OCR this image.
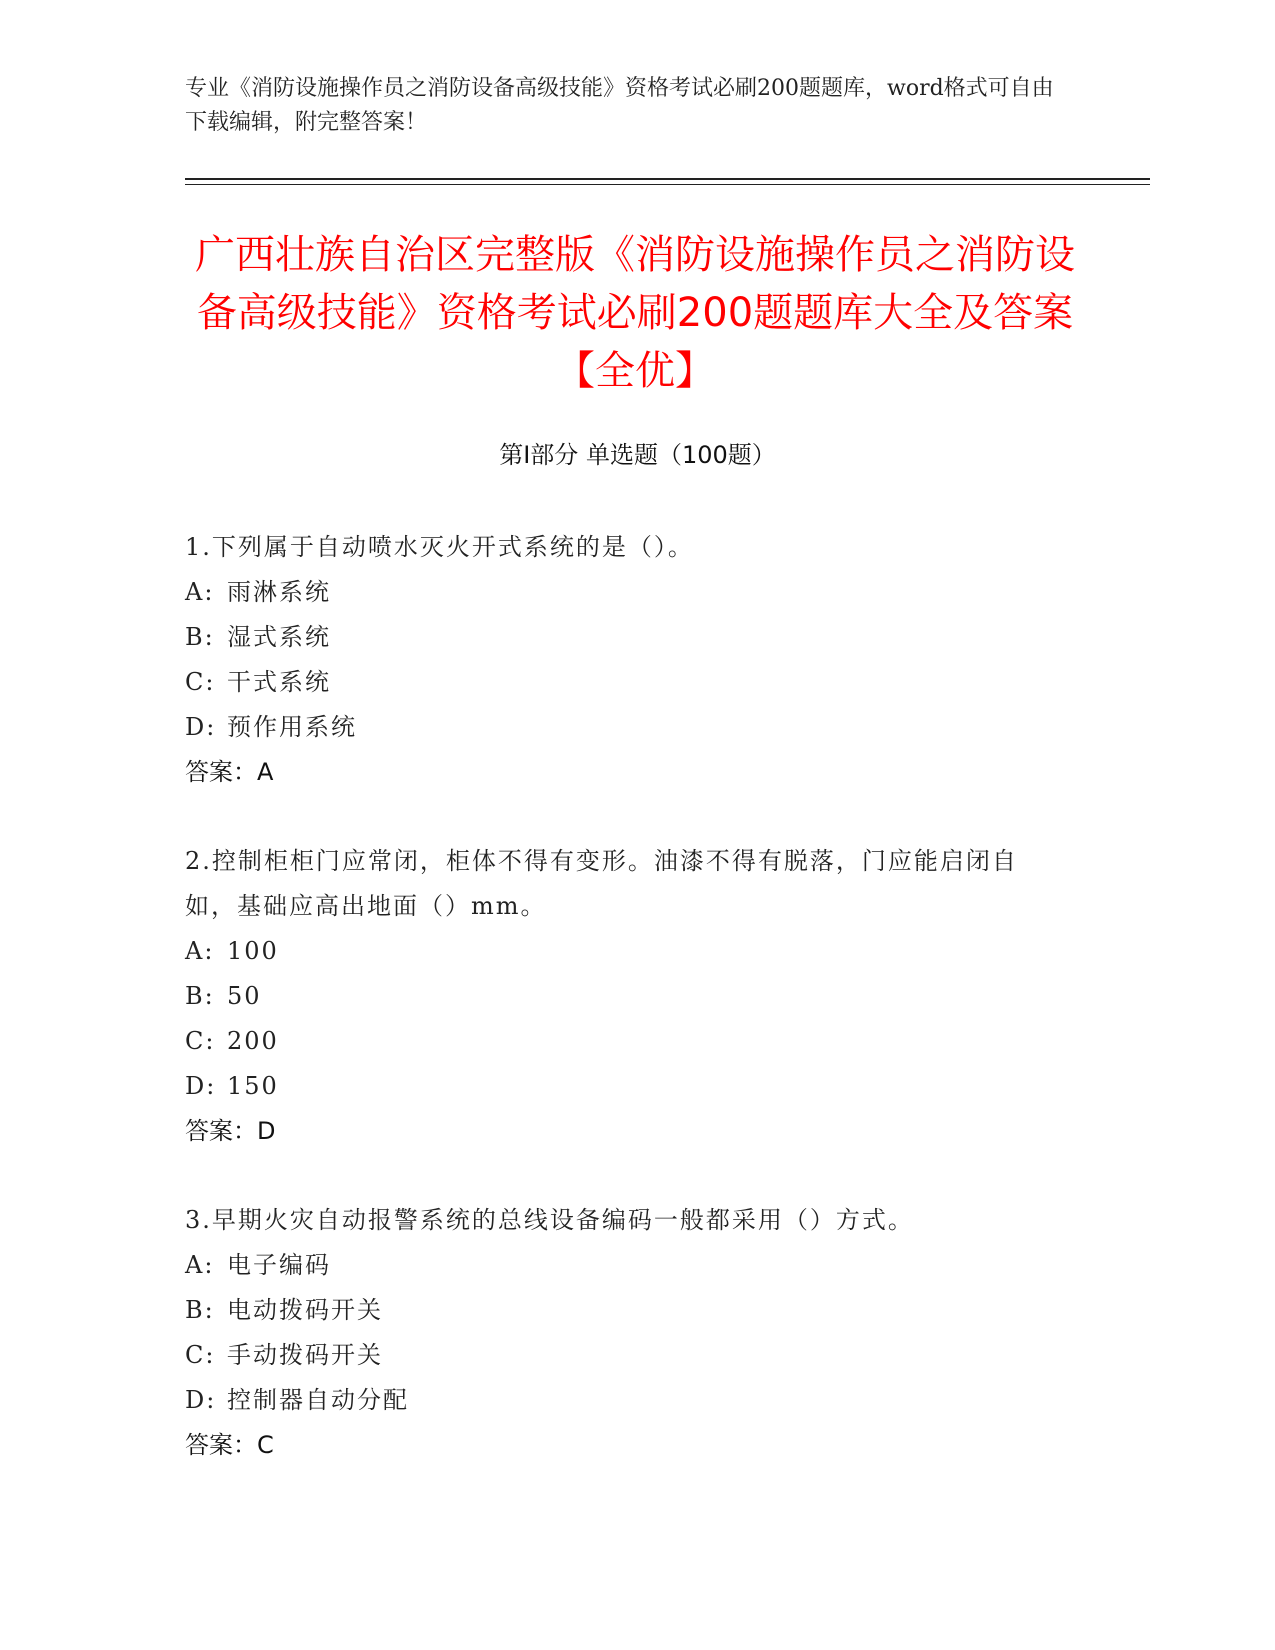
专业《消防设施操作员之消防设备高级技能》资格考试必刷200题题库，word格式可自由下载编辑，附完整答案！
广西壮族自治区完整版《消防设施操作员之消防设备高级技能》资格考试必刷200题题库大全及答案【全优】
第Ⅰ部分 单选题（100题）
1.下列属于自动喷水灭火开式系统的是（）。
A: 雨淋系统
B: 湿式系统
C: 干式系统
D: 预作用系统
答案：A
2.控制柜柜门应常闭，柜体不得有变形。油漆不得有脱落，门应能启闭自如，基础应高出地面（）mm。
A: 100
B: 50
C: 200
D: 150
答案：D
3.早期火灾自动报警系统的总线设备编码一般都采用（）方式。
A: 电子编码
B: 电动拨码开关
C: 手动拨码开关
D: 控制器自动分配
答案：C
